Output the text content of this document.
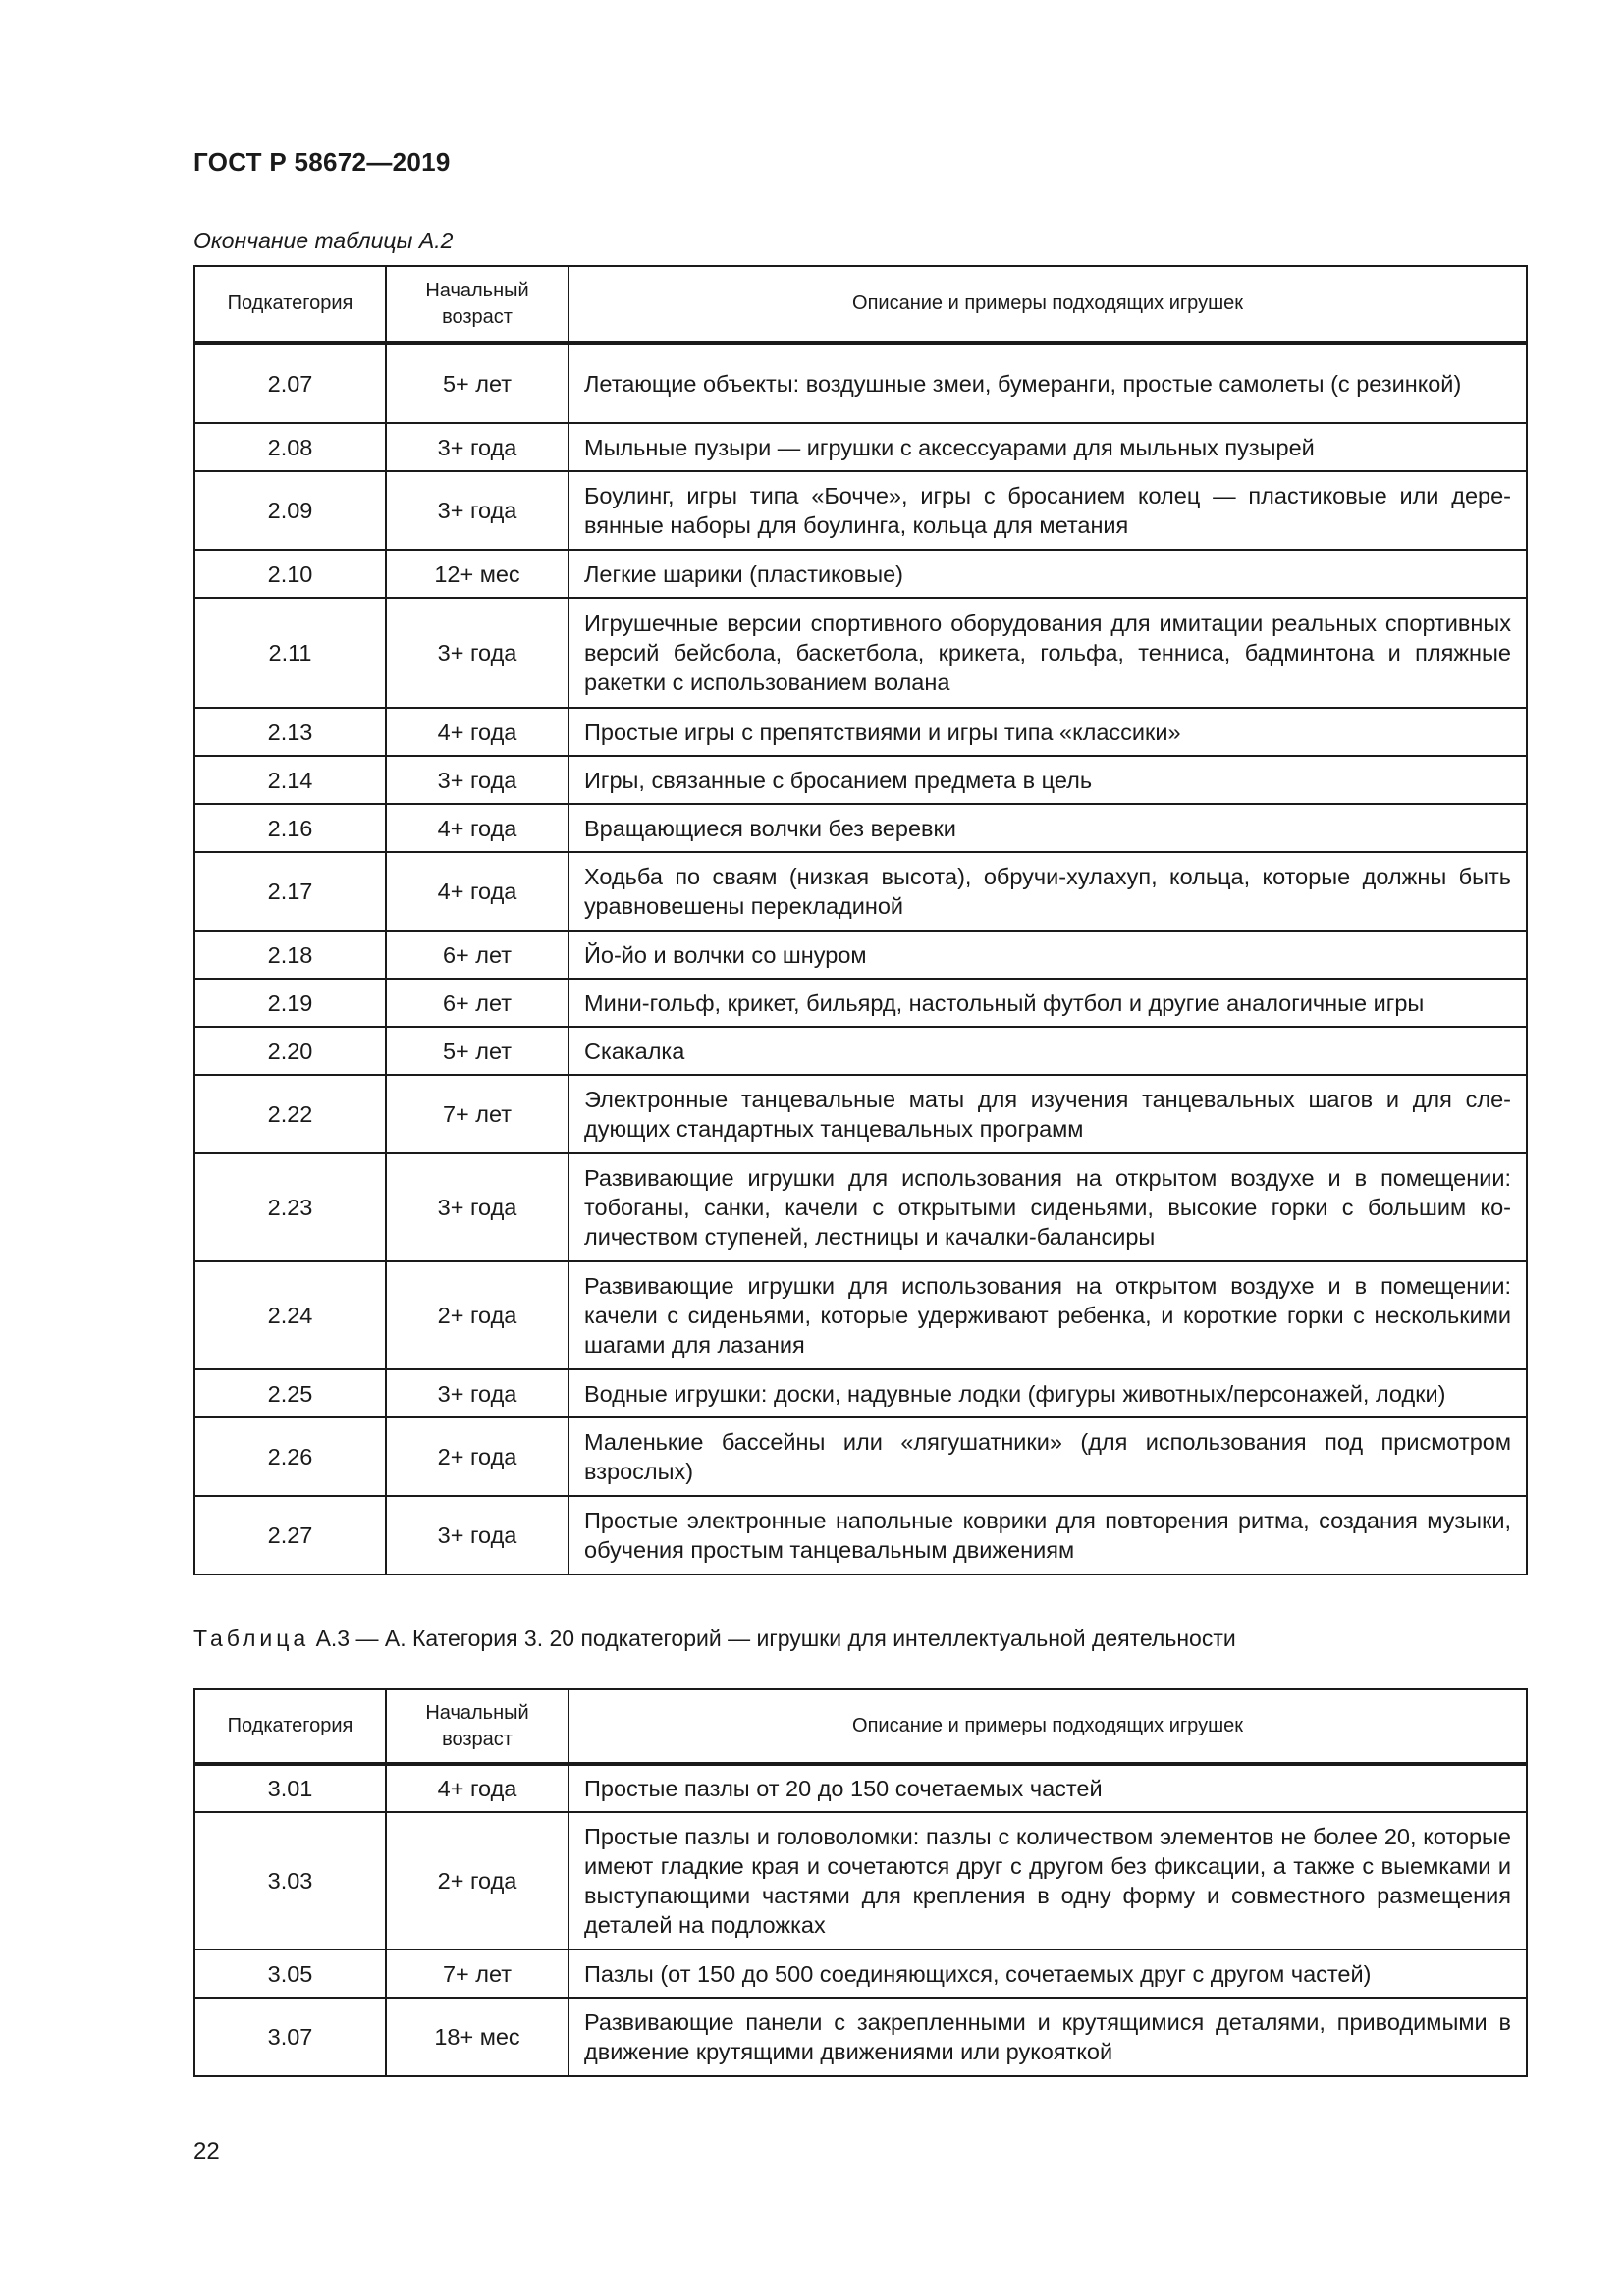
ГОСТ Р 58672—2019
Окончание таблицы А.2
Подкатегория	Начальный возраст	Описание и примеры подходящих игрушек
2.07	5+ лет	Летающие объекты: воздушные змеи, бумеранги, простые самолеты (с резинкой)
2.08	3+ года	Мыльные пузыри — игрушки с аксессуарами для мыльных пузырей
2.09	3+ года	Боулинг, игры типа «Бочче», игры с бросанием колец — пластиковые или деревянные наборы для боулинга, кольца для метания
2.10	12+ мес	Легкие шарики (пластиковые)
2.11	3+ года	Игрушечные версии спортивного оборудования для имитации реальных спортивных версий бейсбола, баскетбола, крикета, гольфа, тенниса, бадминтона и пляжные ракетки с использованием волана
2.13	4+ года	Простые игры с препятствиями и игры типа «классики»
2.14	3+ года	Игры, связанные с бросанием предмета в цель
2.16	4+ года	Вращающиеся волчки без веревки
2.17	4+ года	Ходьба по сваям (низкая высота), обручи-хулахуп, кольца, которые должны быть уравновешены перекладиной
2.18	6+ лет	Йо-йо и волчки со шнуром
2.19	6+ лет	Мини-гольф, крикет, бильярд, настольный футбол и другие аналогичные игры
2.20	5+ лет	Скакалка
2.22	7+ лет	Электронные танцевальные маты для изучения танцевальных шагов и для следующих стандартных танцевальных программ
2.23	3+ года	Развивающие игрушки для использования на открытом воздухе и в помещении: тобоганы, санки, качели с открытыми сиденьями, высокие горки с большим количеством ступеней, лестницы и качалки-балансиры
2.24	2+ года	Развивающие игрушки для использования на открытом воздухе и в помещении: качели с сиденьями, которые удерживают ребенка, и короткие горки с несколькими шагами для лазания
2.25	3+ года	Водные игрушки: доски, надувные лодки (фигуры животных/персонажей, лодки)
2.26	2+ года	Маленькие бассейны или «лягушатники» (для использования под присмотром взрослых)
2.27	3+ года	Простые электронные напольные коврики для повторения ритма, создания музыки, обучения простым танцевальным движениям
Таблица А.3 — А. Категория 3. 20 подкатегорий — игрушки для интеллектуальной деятельности
Подкатегория	Начальный возраст	Описание и примеры подходящих игрушек
3.01	4+ года	Простые пазлы от 20 до 150 сочетаемых частей
3.03	2+ года	Простые пазлы и головоломки: пазлы с количеством элементов не более 20, которые имеют гладкие края и сочетаются друг с другом без фиксации, а также с выемками и выступающими частями для крепления в одну форму и совместного размещения деталей на подложках
3.05	7+ лет	Пазлы (от 150 до 500 соединяющихся, сочетаемых друг с другом частей)
3.07	18+ мес	Развивающие панели с закрепленными и крутящимися деталями, приводимыми в движение крутящими движениями или рукояткой
22
